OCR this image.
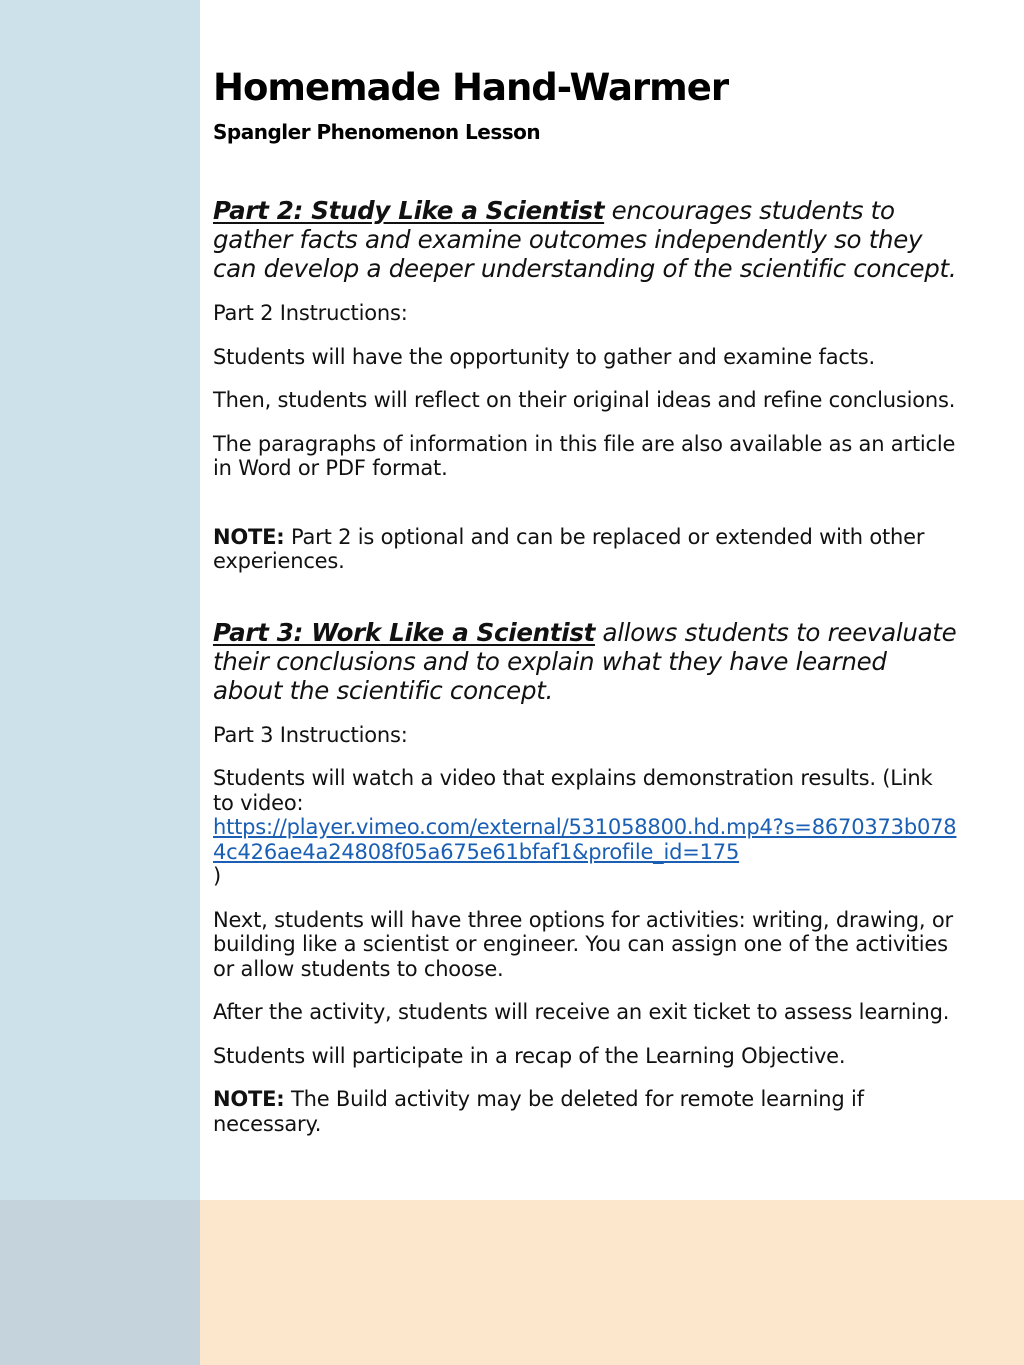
Homemade Hand-Warmer
Spangler Phenomenon Lesson

Part 2: Study Like a Scientist encourages students to gather facts and examine outcomes independently so they can develop a deeper understanding of the scientific concept.

Part 2 Instructions:

Students will have the opportunity to gather and examine facts.

Then, students will reflect on their original ideas and refine conclusions.

The paragraphs of information in this file are also available as an article in Word or PDF format.

NOTE: Part 2 is optional and can be replaced or extended with other experiences.

Part 3: Work Like a Scientist allows students to reevaluate their conclusions and to explain what they have learned about the scientific concept.

Part 3 Instructions:

Students will watch a video that explains demonstration results. (Link to video:
https://player.vimeo.com/external/531058800.hd.mp4?s=8670373b0784c426ae4a24808f05a675e61bfaf1&profile_id=175
)

Next, students will have three options for activities: writing, drawing, or building like a scientist or engineer. You can assign one of the activities or allow students to choose.

After the activity, students will receive an exit ticket to assess learning.

Students will participate in a recap of the Learning Objective.

NOTE: The Build activity may be deleted for remote learning if necessary.
